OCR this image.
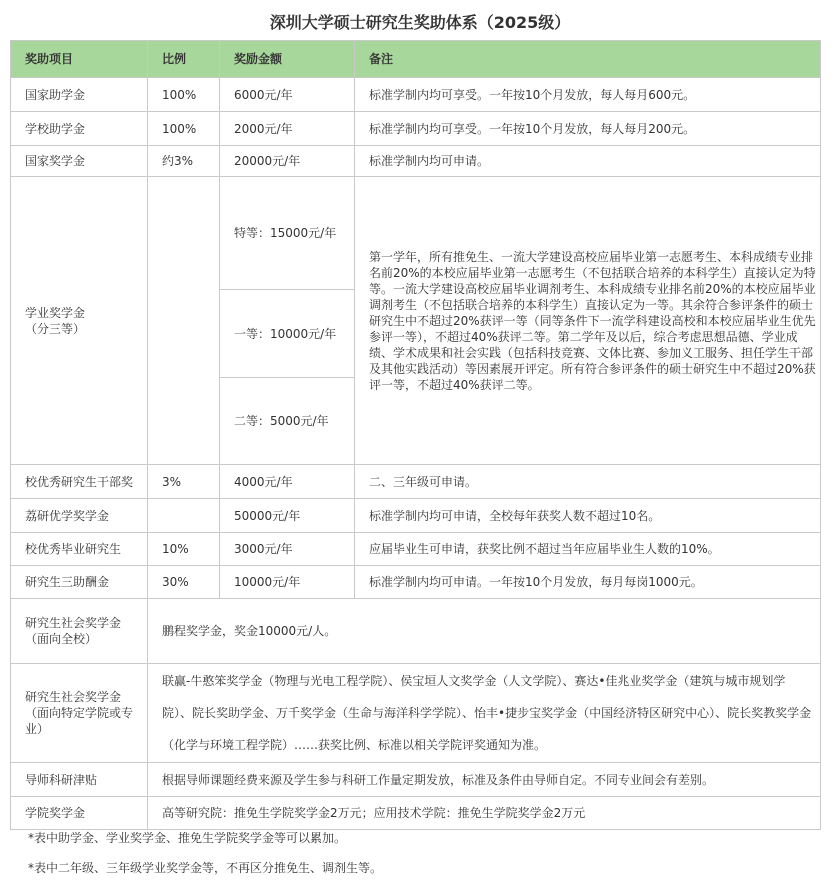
深圳大学硕士研究生奖助体系（2025级）
奖助项目	比例	奖励金额	备注
国家助学金	100%	6000元/年	标准学制内均可享受。一年按10个月发放，每人每月600元。
学校助学金	100%	2000元/年	标准学制内均可享受。一年按10个月发放，每人每月200元。
国家奖学金	约3%	20000元/年	标准学制内均可申请。

学业奖学金
（分三等）		特等：15000元/年	第一学年，所有推免生、一流大学建设高校应届毕业第一志愿考生、本科成绩专业排名前20%的本校应届毕业第一志愿考生（不包括联合培养的本科学生）直接认定为特等。一流大学建设高校应届毕业调剂考生、本科成绩专业排名前20%的本校应届毕业调剂考生（不包括联合培养的本科学生）直接认定为一等。其余符合参评条件的硕士研究生中不超过20%获评一等（同等条件下一流学科建设高校和本校应届毕业生优先参评一等），不超过40%获评二等。第二学年及以后，综合考虑思想品德、学业成绩、学术成果和社会实践（包括科技竞赛、文体比赛、参加义工服务、担任学生干部及其他实践活动）等因素展开评定。所有符合参评条件的硕士研究生中不超过20%获评一等，不超过40%获评二等。
		一等：10000元/年	
		二等：5000元/年	
校优秀研究生干部奖	3%	4000元/年	二、三年级可申请。
荔研优学奖学金		50000元/年	标准学制内均可申请，全校每年获奖人数不超过10名。
校优秀毕业研究生	10%	3000元/年	应届毕业生可申请，获奖比例不超过当年应届毕业生人数的10%。
研究生三助酬金	30%	10000元/年	标准学制内均可申请。一年按10个月发放，每月每岗1000元。

研究生社会奖学金
（面向全校）	鹏程奖学金，奖金10000元/人。		

研究生社会奖学金
（面向特定学院或专
业）	联赢-牛憨笨奖学金（物理与光电工程学院）、侯宝垣人文奖学金（人文学院）、赛达•佳兆业奖学金（建筑与城市规划学院）、院长奖助学金、万千奖学金（生命与海洋科学学院）、怡丰•捷步宝奖学金（中国经济特区研究中心）、院长奖教奖学金（化学与环境工程学院）……获奖比例、标准以相关学院评奖通知为准。		
导师科研津贴	根据导师课题经费来源及学生参与科研工作量定期发放，标准及条件由导师自定。不同专业间会有差别。		
学院奖学金	高等研究院：推免生学院奖学金2万元；应用技术学院：推免生学院奖学金2万元		
*表中助学金、学业奖学金、推免生学院奖学金等可以累加。
*表中二年级、三年级学业奖学金等，不再区分推免生、调剂生等。
